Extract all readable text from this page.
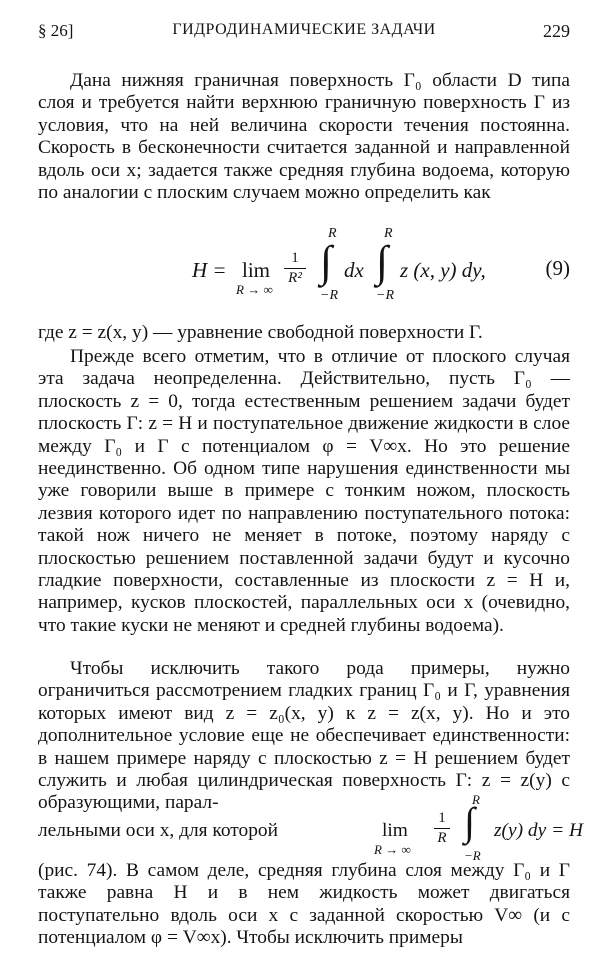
§ 26]	ГИДРОДИНАМИЧЕСКИЕ ЗАДАЧИ	229

Дана нижняя граничная поверхность Γ₀ области D типа слоя и требуется найти верхнюю граничную поверхность Γ из условия, что на ней величина скорости течения постоянна. Скорость в бесконечности считается заданной и направленной вдоль оси x; задается также средняя глубина водоема, которую по аналогии с плоским случаем можно определить как

H = lim
R → ∞
1
R²
R
∫
−R
dx
R
∫
−R
z (x, y) dy,	(9)

где z = z(x, y) — уравнение свободной поверхности Γ.

Прежде всего отметим, что в отличие от плоского случая эта задача неопределенна. Действительно, пусть Γ₀ — плоскость z = 0, тогда естественным решением задачи будет плоскость Γ: z = H и поступательное движение жидкости в слое между Γ₀ и Γ с потенциалом φ = V∞x. Но это решение неединственно. Об одном типе нарушения единственности мы уже говорили выше в примере с тонким ножом, плоскость лезвия которого идет по направлению поступательного потока: такой нож ничего не меняет в потоке, поэтому наряду с плоскостью решением поставленной задачи будут и кусочно гладкие поверхности, составленные из плоскости z = H и, например, кусков плоскостей, параллельных оси x (очевидно, что такие куски не меняют и средней глубины водоема).

Чтобы исключить такого рода примеры, нужно ограничиться рассмотрением гладких границ Γ₀ и Γ, уравнения которых имеют вид z = z₀(x, y) к z = z(x, y). Но и это дополнительное условие еще не обеспечивает единственности: в нашем примере наряду с плоскостью z = H решением будет служить и любая цилиндрическая поверхность Γ: z = z(y) с образующими, парал-

лельными оси x, для которой	lim
R → ∞
1
R
R
∫
−R
z(y) dy = H

(рис. 74). В самом деле, средняя глубина слоя между Γ₀ и Γ также равна H и в нем жидкость может двигаться поступательно вдоль оси x с заданной скоростью V∞ (и с потенциалом φ = V∞x). Чтобы исключить примеры
